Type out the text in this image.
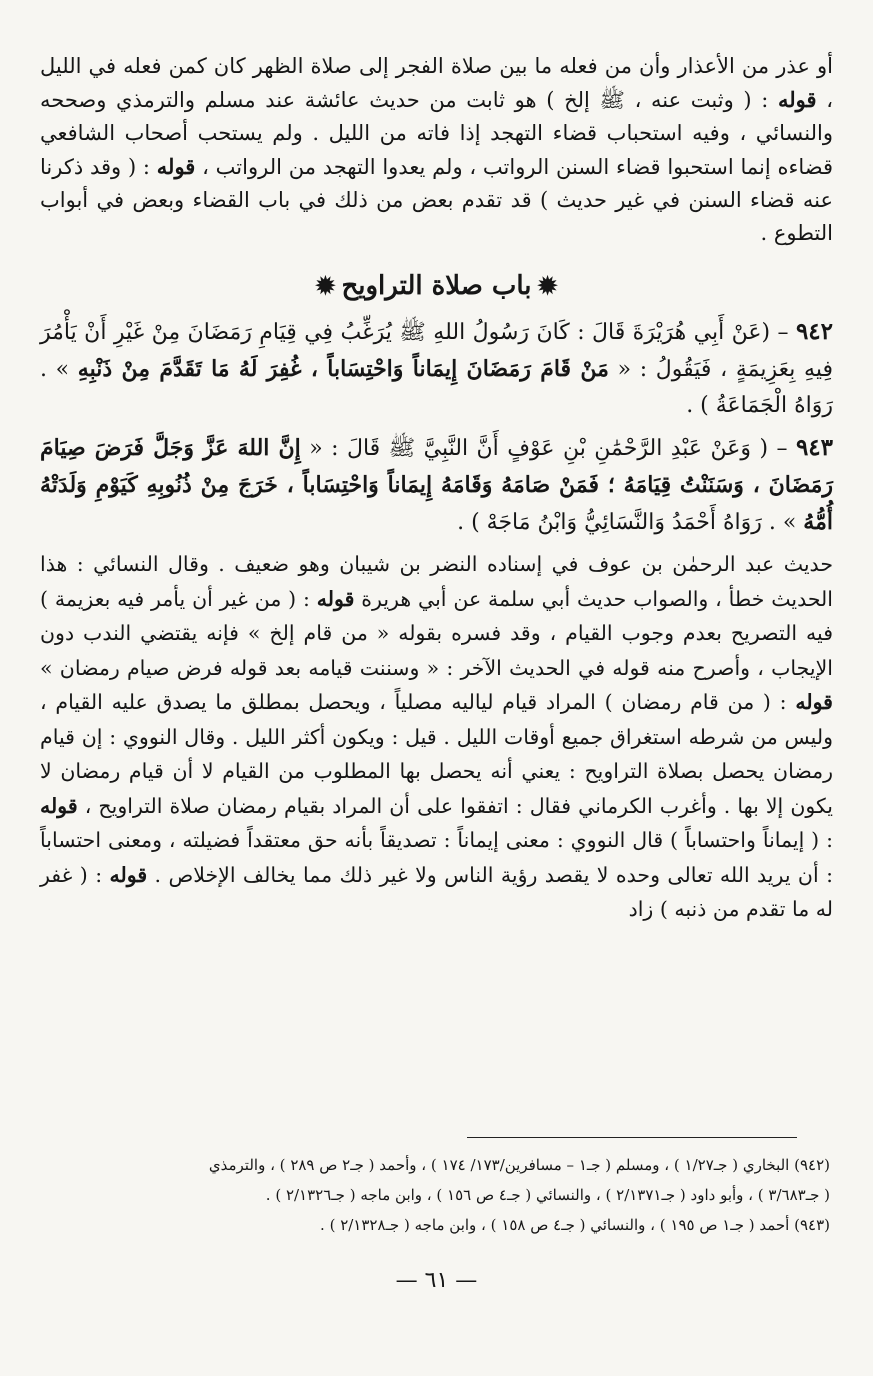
أو عذر من الأعذار وأن من فعله ما بين صلاة الفجر إلى صلاة الظهر كان كمن فعله في الليل ، قوله : ( وثبت عنه ، ﷺ إلخ ) هو ثابت من حديث عائشة عند مسلم والترمذي وصححه والنسائي ، وفيه استحباب قضاء التهجد إذا فاته من الليل . ولم يستحب أصحاب الشافعي قضاءه إنما استحبوا قضاء السنن الرواتب ، ولم يعدوا التهجد من الرواتب ، قوله : ( وقد ذكرنا عنه قضاء السنن في غير حديث ) قد تقدم بعض من ذلك في باب القضاء وبعض في أبواب التطوع .

✹باب صلاة التراويح✹

٩٤٢ – (عَنْ أَبِي هُرَيْرَةَ قَالَ : كَانَ رَسُولُ اللهِ ﷺ يُرَغِّبُ فِي قِيَامِ رَمَضَانَ مِنْ غَيْرِ أَنْ يَأْمُرَ فِيهِ بِعَزِيمَةٍ ، فَيَقُولُ : « مَنْ قَامَ رَمَضَانَ إِيمَاناً وَاحْتِسَاباً ، غُفِرَ لَهُ مَا تَقَدَّمَ مِنْ ذَنْبِهِ » . رَوَاهُ الْجَمَاعَةُ ) .

٩٤٣ – ( وَعَنْ عَبْدِ الرَّحْمَٰنِ بْنِ عَوْفٍ أَنَّ النَّبِيَّ ﷺ قَالَ : « إِنَّ اللهَ عَزَّ وَجَلَّ فَرَضَ صِيَامَ رَمَضَانَ ، وَسَنَنْتُ قِيَامَهُ ؛ فَمَنْ صَامَهُ وَقَامَهُ إِيمَاناً وَاحْتِسَاباً ، خَرَجَ مِنْ ذُنُوبِهِ كَيَوْمِ وَلَدَتْهُ أُمُّهُ » . رَوَاهُ أَحْمَدُ وَالنَّسَائِيُّ وَابْنُ مَاجَهْ ) .

حديث عبد الرحمٰن بن عوف في إسناده النضر بن شيبان وهو ضعيف . وقال النسائي : هذا الحديث خطأ ، والصواب حديث أبي سلمة عن أبي هريرة قوله : ( من غير أن يأمر فيه بعزيمة ) فيه التصريح بعدم وجوب القيام ، وقد فسره بقوله « من قام إلخ » فإنه يقتضي الندب دون الإيجاب ، وأصرح منه قوله في الحديث الآخر : « وسننت قيامه بعد قوله فرض صيام رمضان » قوله : ( من قام رمضان ) المراد قيام لياليه مصلياً ، ويحصل بمطلق ما يصدق عليه القيام ، وليس من شرطه استغراق جميع أوقات الليل . قيل : ويكون أكثر الليل . وقال النووي : إن قيام رمضان يحصل بصلاة التراويح : يعني أنه يحصل بها المطلوب من القيام لا أن قيام رمضان لا يكون إلا بها . وأغرب الكرماني فقال : اتفقوا على أن المراد بقيام رمضان صلاة التراويح ، قوله : ( إيماناً واحتساباً ) قال النووي : معنى إيماناً : تصديقاً بأنه حق معتقداً فضيلته ، ومعنى احتساباً : أن يريد الله تعالى وحده لا يقصد رؤية الناس ولا غير ذلك مما يخالف الإخلاص . قوله : ( غفر له ما تقدم من ذنبه ) زاد

(٩٤٢) البخاري ( جـ١/٢٧ ) ، ومسلم ( جـ١ – مسافرين/١٧٣/ ١٧٤ ) ، وأحمد ( جـ٢ ص ٢٨٩ ) ، والترمذي
( جـ٣/٦٨٣ ) ، وأبو داود ( جـ٢/١٣٧١ ) ، والنسائي ( جـ٤ ص ١٥٦ ) ، وابن ماجه ( جـ٢/١٣٢٦ ) .
(٩٤٣) أحمد ( جـ١ ص ١٩٥ ) ، والنسائي ( جـ٤ ص ١٥٨ ) ، وابن ماجه ( جـ٢/١٣٢٨ ) .
— ٦١ —
